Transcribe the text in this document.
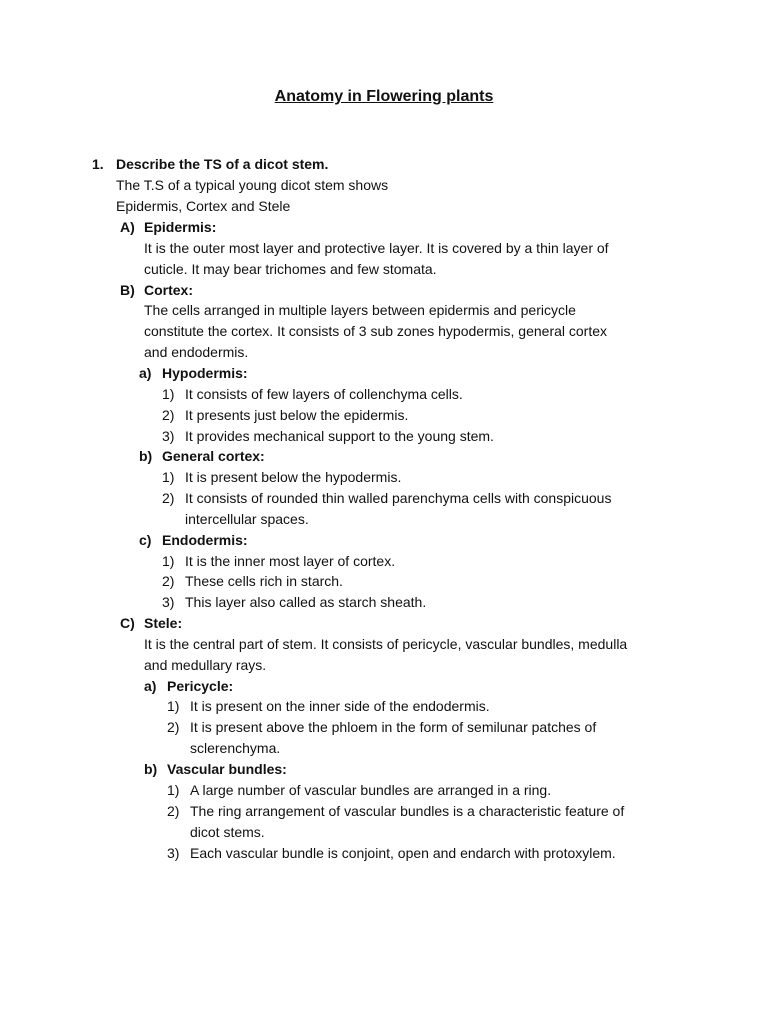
Anatomy in Flowering plants
1. Describe the TS of a dicot stem.
The T.S of a typical young dicot stem shows
Epidermis, Cortex and Stele
A) Epidermis:
It is the outer most layer and protective layer. It is covered by a thin layer of
cuticle. It may bear trichomes and few stomata.
B) Cortex:
The cells arranged in multiple layers between epidermis and pericycle
constitute the cortex. It consists of 3 sub zones hypodermis, general cortex
and endodermis.
a) Hypodermis:
1) It consists of few layers of collenchyma cells.
2) It presents just below the epidermis.
3) It provides mechanical support to the young stem.
b) General cortex:
1) It is present below the hypodermis.
2) It consists of rounded thin walled parenchyma cells with conspicuous
intercellular spaces.
c) Endodermis:
1) It is the inner most layer of cortex.
2) These cells rich in starch.
3) This layer also called as starch sheath.
C) Stele:
It is the central part of stem. It consists of pericycle, vascular bundles, medulla
and medullary rays.
a) Pericycle:
1) It is present on the inner side of the endodermis.
2) It is present above the phloem in the form of semilunar patches of
sclerenchyma.
b) Vascular bundles:
1) A large number of vascular bundles are arranged in a ring.
2) The ring arrangement of vascular bundles is a characteristic feature of
dicot stems.
3) Each vascular bundle is conjoint, open and endarch with protoxylem.
